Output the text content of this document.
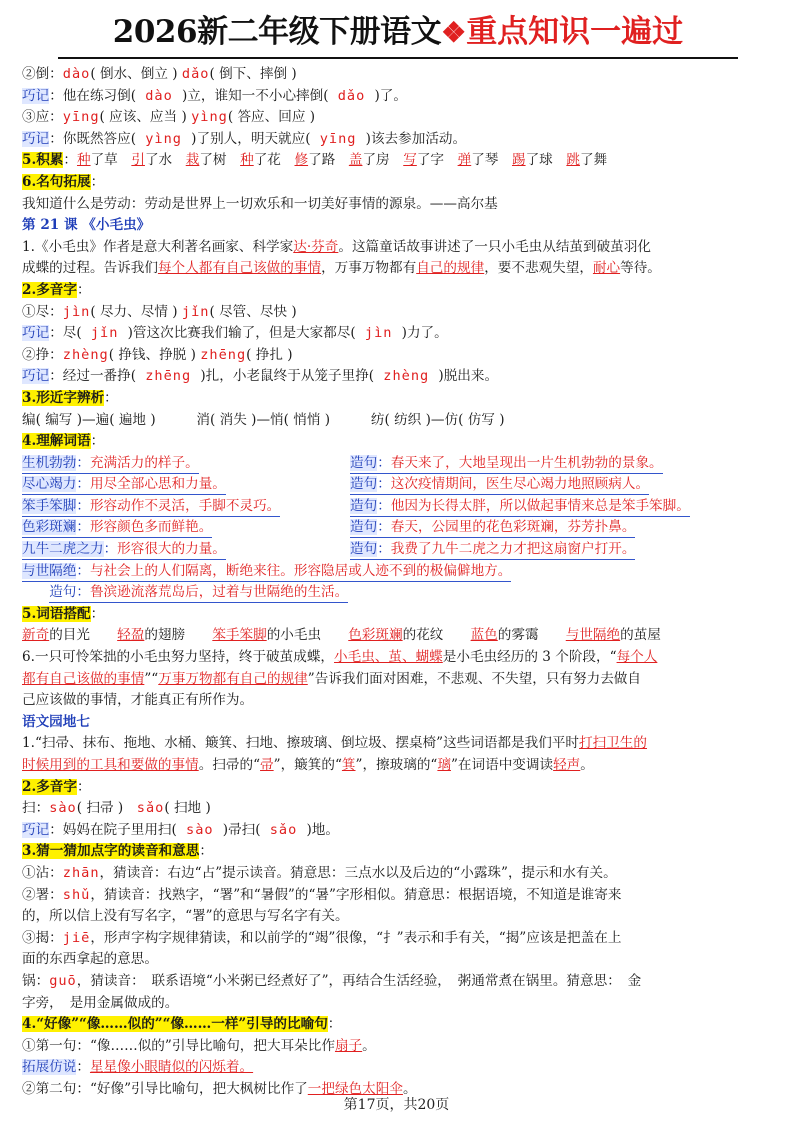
2026新二年级下册语文❖重点知识一遍过
②倒：dào( 倒水、倒立 ) dǎo( 倒下、摔倒 )
巧记：他在练习倒( dào )立，谁知一不小心摔倒( dǎo )了。
③应：yīng( 应该、应当 ) yìng( 答应、回应 )
巧记：你既然答应( yìng )了别人，明天就应( yīng )该去参加活动。
5.积累：种了草　引了水　栽了树　种了花　修了路　盖了房　写了字　弹了琴　踢了球　跳了舞
6.名句拓展：
我知道什么是劳动：劳动是世界上一切欢乐和一切美好事情的源泉。——高尔基
第 21 课 《小毛虫》
1.《小毛虫》作者是意大利著名画家、科学家达·芬奇。这篇童话故事讲述了一只小毛虫从结茧到破茧羽化
成蝶的过程。告诉我们每个人都有自己该做的事情，万事万物都有自己的规律，要不悲观失望，耐心等待。
2.多音字：
①尽：jìn( 尽力、尽情 ) jǐn( 尽管、尽快 )
巧记：尽( jǐn )管这次比赛我们输了，但是大家都尽( jìn )力了。
②挣：zhèng( 挣钱、挣脱 ) zhēng( 挣扎 )
巧记：经过一番挣( zhēng )扎，小老鼠终于从笼子里挣( zhèng )脱出来。
3.形近字辨析：
编( 编写 )—遍( 遍地 )　　　消( 消失 )—悄( 悄悄 )　　　纺( 纺织 )—仿( 仿写 )
4.理解词语：
生机勃勃：充满活力的样子。	造句：春天来了，大地呈现出一片生机勃勃的景象。
尽心竭力：用尽全部心思和力量。	造句：这次疫情期间，医生尽心竭力地照顾病人。
笨手笨脚：形容动作不灵活，手脚不灵巧。	造句：他因为长得太胖，所以做起事情来总是笨手笨脚。
色彩斑斓：形容颜色多而鲜艳。	造句：春天，公园里的花色彩斑斓，芬芳扑鼻。
九牛二虎之力：形容很大的力量。	造句：我费了九牛二虎之力才把这扇窗户打开。
与世隔绝：与社会上的人们隔离，断绝来往。形容隐居或人迹不到的极偏僻地方。
　　造句：鲁滨逊流落荒岛后，过着与世隔绝的生活。
5.词语搭配：
新奇的目光　　轻盈的翅膀　　笨手笨脚的小毛虫　　色彩斑斓的花纹　　蓝色的雾霭　　与世隔绝的茧屋
6.一只可怜笨拙的小毛虫努力坚持，终于破茧成蝶，小毛虫、茧、蝴蝶是小毛虫经历的 3 个阶段，“每个人
都有自己该做的事情”“万事万物都有自己的规律”告诉我们面对困难，不悲观、不失望，只有努力去做自
己应该做的事情，才能真正有所作为。
语文园地七
1.“扫帚、抹布、拖地、水桶、簸箕、扫地、擦玻璃、倒垃圾、摆桌椅”这些词语都是我们平时打扫卫生的
时候用到的工具和要做的事情。扫帚的“帚”，簸箕的“箕”，擦玻璃的“璃”在词语中变调读轻声。
2.多音字：
扫：sào( 扫帚 )　sǎo( 扫地 )
巧记：妈妈在院子里用扫( sào )帚扫( sǎo )地。
3.猜一猜加点字的读音和意思：
①沾：zhān，猜读音：右边“占”提示读音。猜意思：三点水以及后边的“小露珠”，提示和水有关。
②署：shǔ，猜读音：找熟字，“署”和“暑假”的“暑”字形相似。猜意思：根据语境，不知道是谁寄来
的，所以信上没有写名字，“署”的意思与写名字有关。
③揭：jiē，形声字构字规律猜读，和以前学的“竭”很像，“扌”表示和手有关，“揭”应该是把盖在上
面的东西拿起的意思。
锅：guō，猜读音：　联系语境“小米粥已经煮好了”，再结合生活经验，　粥通常煮在锅里。猜意思：　金
字旁，　是用金属做成的。
4.“好像”“像……似的”“像……一样”引导的比喻句：
①第一句：“像……似的”引导比喻句，把大耳朵比作扇子。
拓展仿说：星星像小眼睛似的闪烁着。
②第二句：“好像”引导比喻句，把大枫树比作了一把绿色太阳伞。
第17页，共20页
